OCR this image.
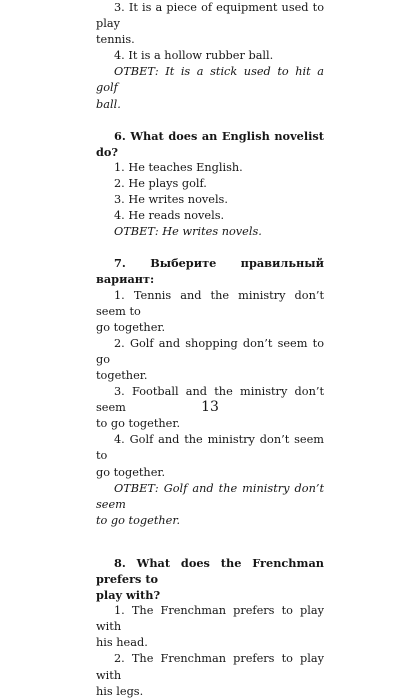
3. It is a piece of equipment used to play

tennis.

4. It is a hollow rubber ball.

ОТВЕТ: It is a stick used to hit a golf

ball.

6. What does an English novelist do?

1. He teaches English.

2. He plays golf.

3. He writes novels.

4. He reads novels.

ОТВЕТ: He writes novels.

7. Выберите правильный вариант:

1. Tennis and the ministry don’t seem to

go together.

2. Golf and shopping don’t seem to go

together.

3. Football and the ministry don’t seem

to go together.

4. Golf and the ministry don’t seem to

go together.

ОТВЕТ: Golf and the ministry don’t seem

to go together.

8. What does the Frenchman prefers to

play with?

1. The Frenchman prefers to play with

his head.

2. The Frenchman prefers to play with

his legs.

13
